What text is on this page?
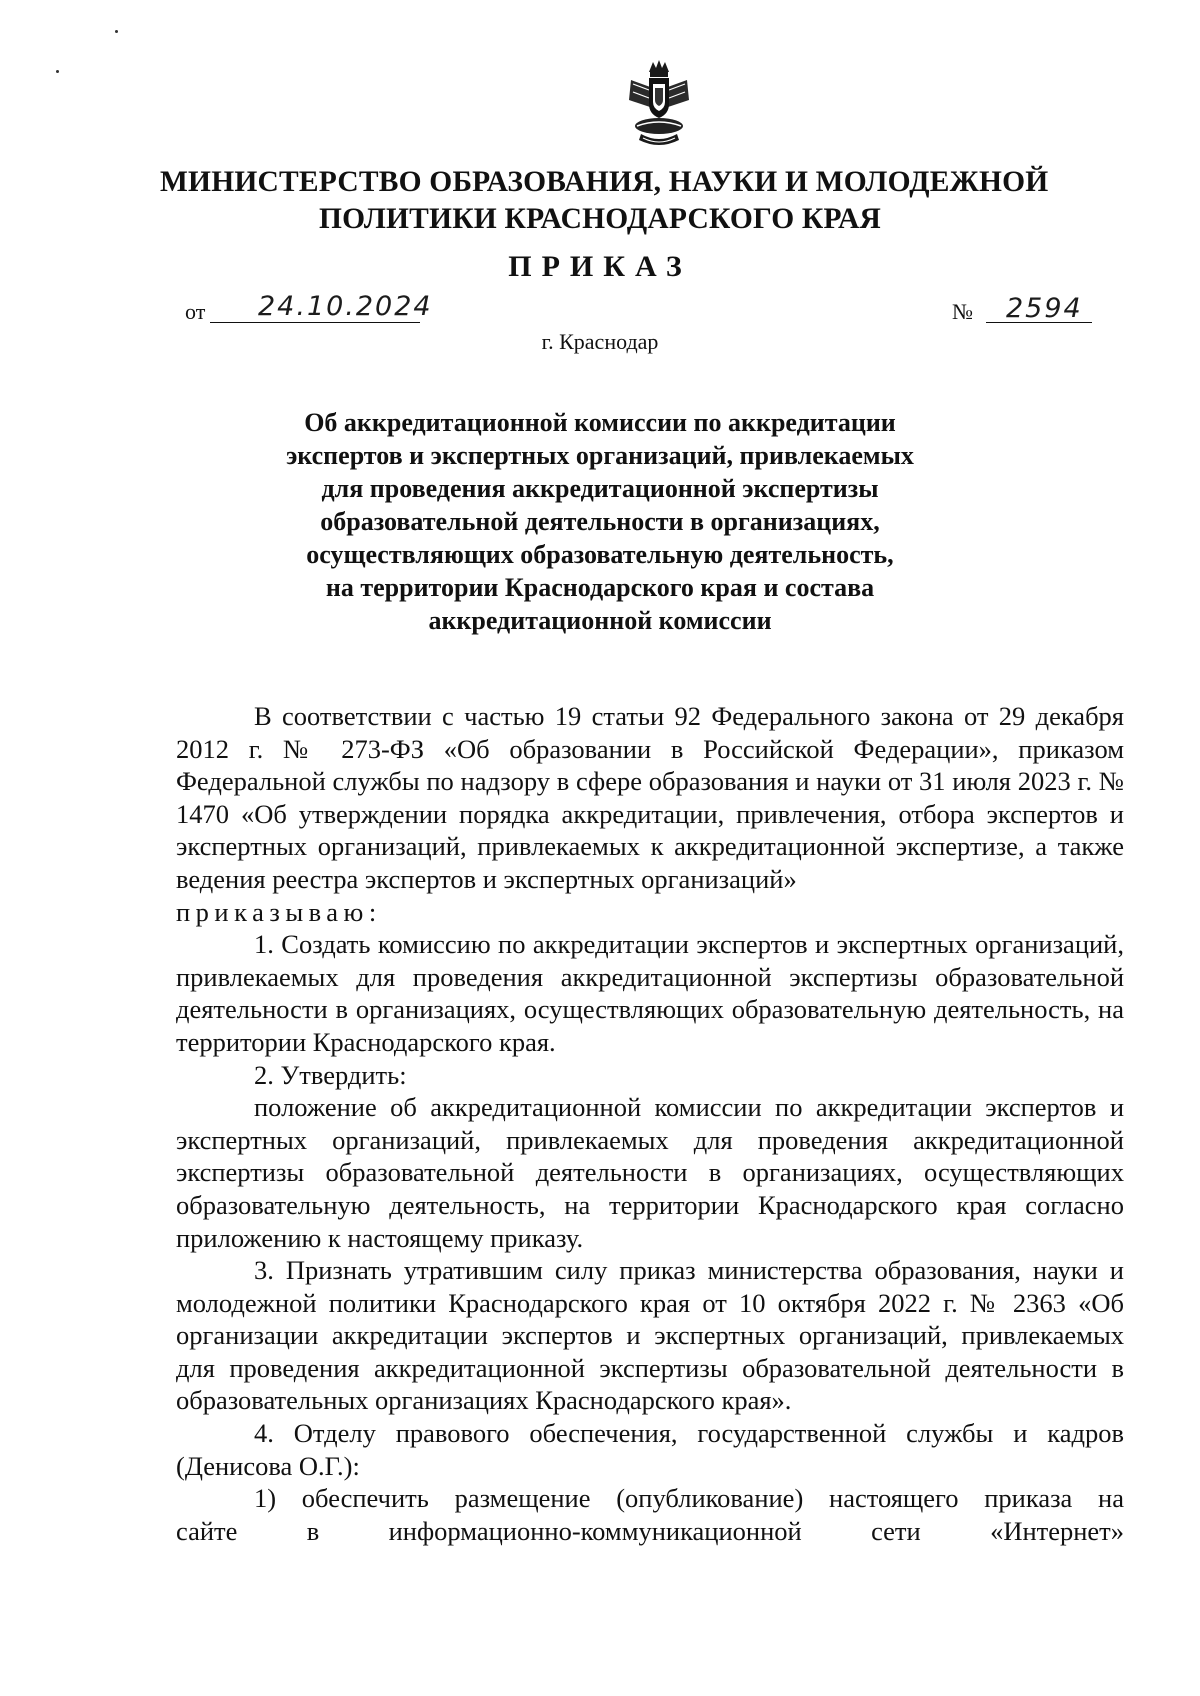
МИНИСТЕРСТВО ОБРАЗОВАНИЯ, НАУКИ И МОЛОДЕЖНОЙ
ПОЛИТИКИ КРАСНОДАРСКОГО КРАЯ
ПРИКАЗ
от 24.10.2024	№ 2594
г. Краснодар
Об аккредитационной комиссии по аккредитации
экспертов и экспертных организаций, привлекаемых
для проведения аккредитационной экспертизы
образовательной деятельности в организациях,
осуществляющих образовательную деятельность,
на территории Краснодарского края и состава
аккредитационной комиссии

В соответствии с частью 19 статьи 92 Федерального закона от 29 декабря 2012 г. № 273-ФЗ «Об образовании в Российской Федерации», приказом Федеральной службы по надзору в сфере образования и науки от 31 июля 2023 г. № 1470 «Об утверждении порядка аккредитации, привлечения, отбора экспертов и экспертных организаций, привлекаемых к аккредитационной экспертизе, а также ведения реестра экспертов и экспертных организаций»

приказываю:

1. Создать комиссию по аккредитации экспертов и экспертных организаций, привлекаемых для проведения аккредитационной экспертизы образовательной деятельности в организациях, осуществляющих образовательную деятельность, на территории Краснодарского края.

2. Утвердить:

положение об аккредитационной комиссии по аккредитации экспертов и экспертных организаций, привлекаемых для проведения аккредитационной экспертизы образовательной деятельности в организациях, осуществляющих образовательную деятельность, на территории Краснодарского края согласно приложению к настоящему приказу.

3. Признать утратившим силу приказ министерства образования, науки и молодежной политики Краснодарского края от 10 октября 2022 г. № 2363 «Об организации аккредитации экспертов и экспертных организаций, привлекаемых для проведения аккредитационной экспертизы образовательной деятельности в образовательных организациях Краснодарского края».

4. Отделу правового обеспечения, государственной службы и кадров (Денисова О.Г.):

1) обеспечить размещение (опубликование) настоящего приказа на

сайте	в	информационно-коммуникационной	сети	«Интернет»
